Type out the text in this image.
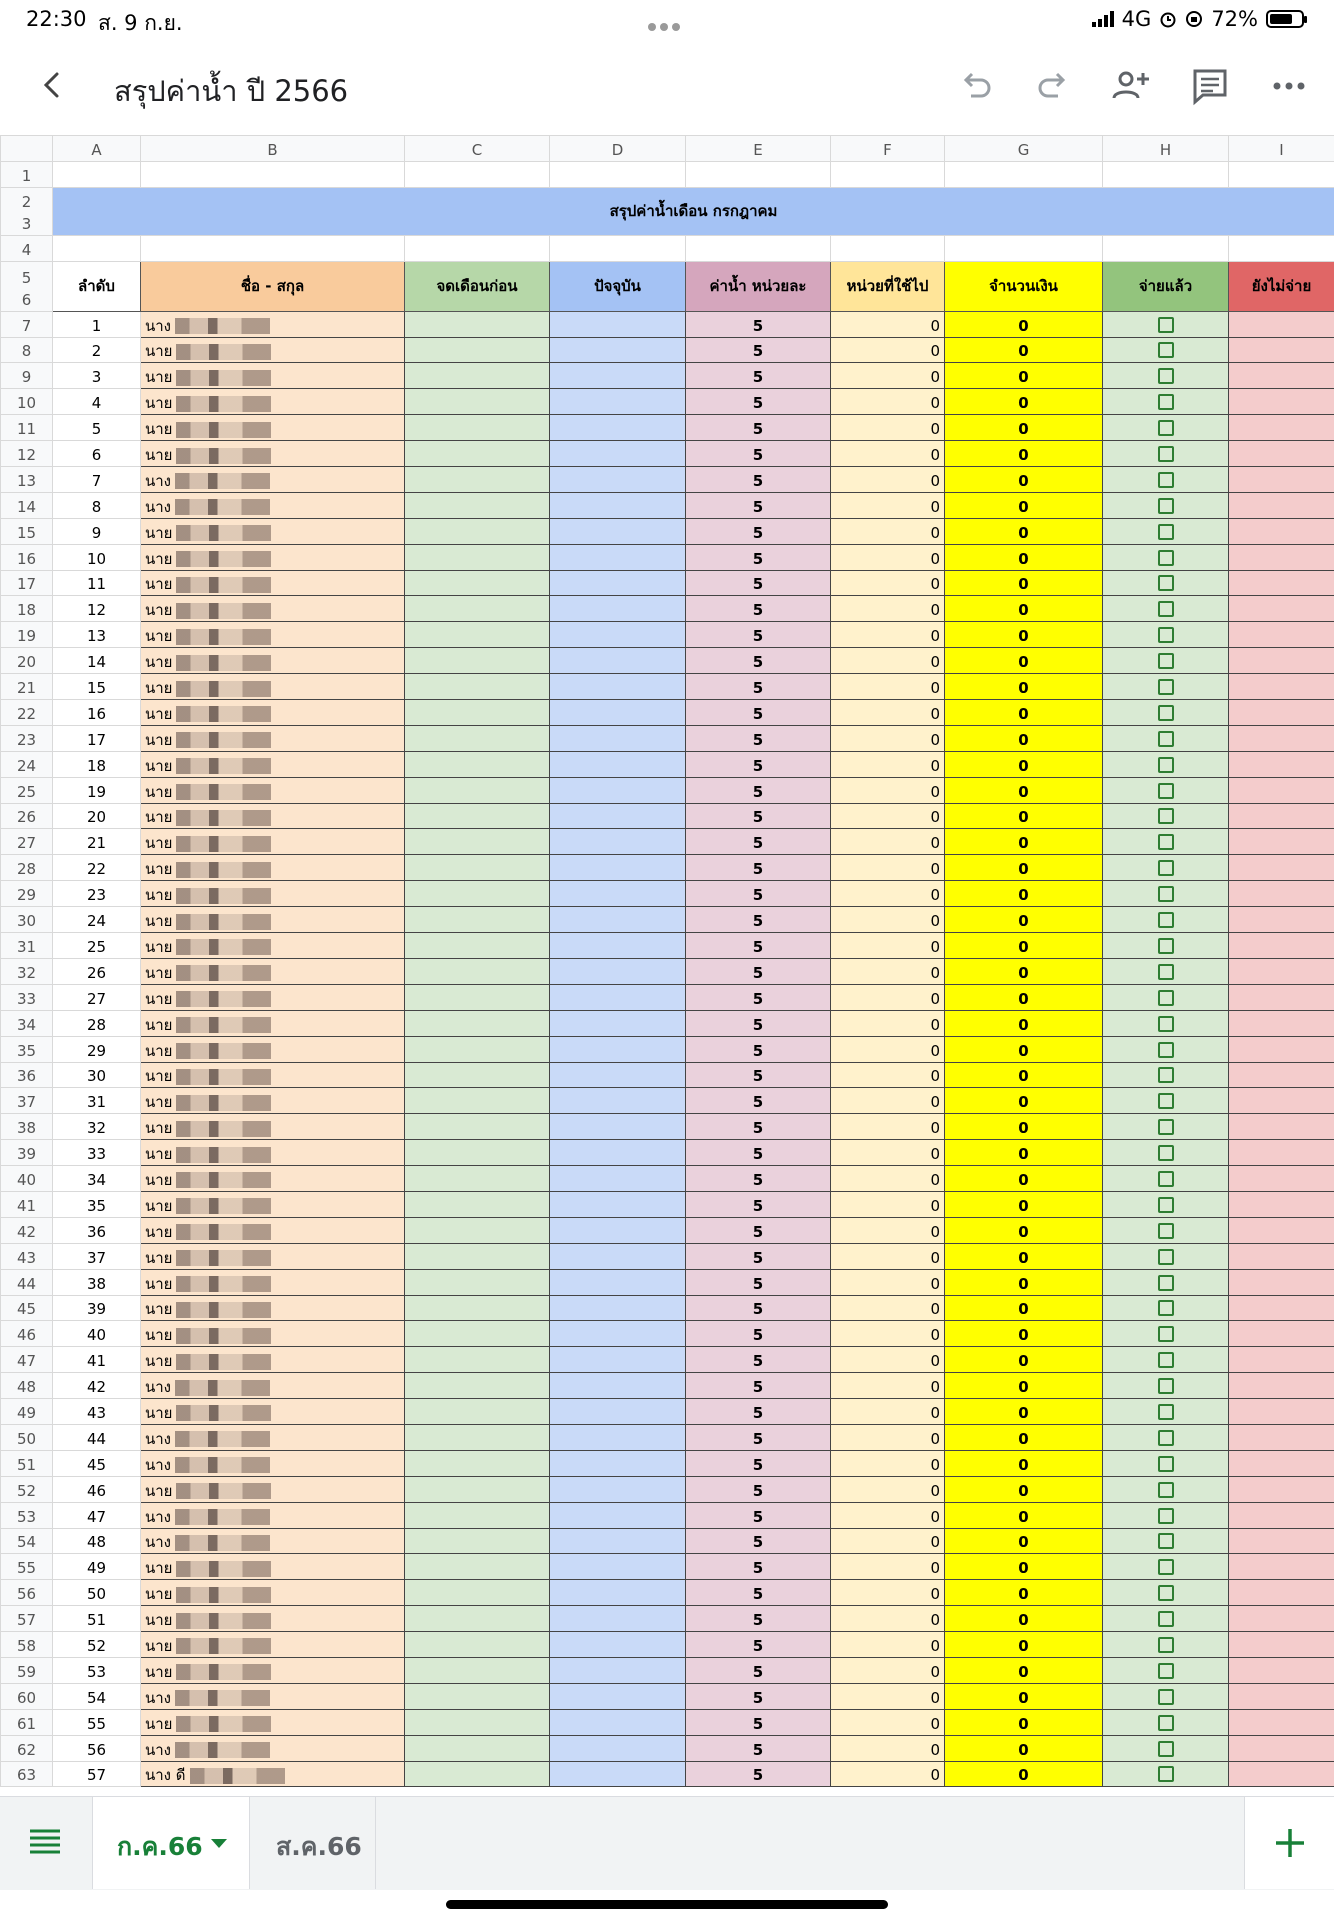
22:30 ส. 9 ก.ย.	4G	72%
สรุปค่าน้ำ ปี 2566
	A	B	C	D	E	F	G	H	I
1									
2
3	สรุปค่าน้ำเดือน กรกฎาคม								
4									
5
6	ลำดับ	ชื่อ - สกุล	จดเดือนก่อน	ปัจจุบัน	ค่าน้ำ หน่วยละ	หน่วยที่ใช้ไป	จำนวนเงิน	จ่ายแล้ว	ยังไม่จ่าย
7	1	นาง			5	0	0		
8	2	นาย			5	0	0		
9	3	นาย			5	0	0		
10	4	นาย			5	0	0		
11	5	นาย			5	0	0		
12	6	นาย			5	0	0		
13	7	นาง			5	0	0		
14	8	นาง			5	0	0		
15	9	นาย			5	0	0		
16	10	นาย			5	0	0		
17	11	นาย			5	0	0		
18	12	นาย			5	0	0		
19	13	นาย			5	0	0		
20	14	นาย			5	0	0		
21	15	นาย			5	0	0		
22	16	นาย			5	0	0		
23	17	นาย			5	0	0		
24	18	นาย			5	0	0		
25	19	นาย			5	0	0		
26	20	นาย			5	0	0		
27	21	นาย			5	0	0		
28	22	นาย			5	0	0		
29	23	นาย			5	0	0		
30	24	นาย			5	0	0		
31	25	นาย			5	0	0		
32	26	นาย			5	0	0		
33	27	นาย			5	0	0		
34	28	นาย			5	0	0		
35	29	นาย			5	0	0		
36	30	นาย			5	0	0		
37	31	นาย			5	0	0		
38	32	นาย			5	0	0		
39	33	นาย			5	0	0		
40	34	นาย			5	0	0		
41	35	นาย			5	0	0		
42	36	นาย			5	0	0		
43	37	นาย			5	0	0		
44	38	นาย			5	0	0		
45	39	นาย			5	0	0		
46	40	นาย			5	0	0		
47	41	นาย			5	0	0		
48	42	นาง			5	0	0		
49	43	นาย			5	0	0		
50	44	นาง			5	0	0		
51	45	นาง			5	0	0		
52	46	นาย			5	0	0		
53	47	นาง			5	0	0		
54	48	นาง			5	0	0		
55	49	นาย			5	0	0		
56	50	นาย			5	0	0		
57	51	นาย			5	0	0		
58	52	นาย			5	0	0		
59	53	นาย			5	0	0		
60	54	นาง			5	0	0		
61	55	นาย			5	0	0		
62	56	นาง			5	0	0		
63	57	นาง ดี			5	0	0		
ก.ค.66	ส.ค.66
